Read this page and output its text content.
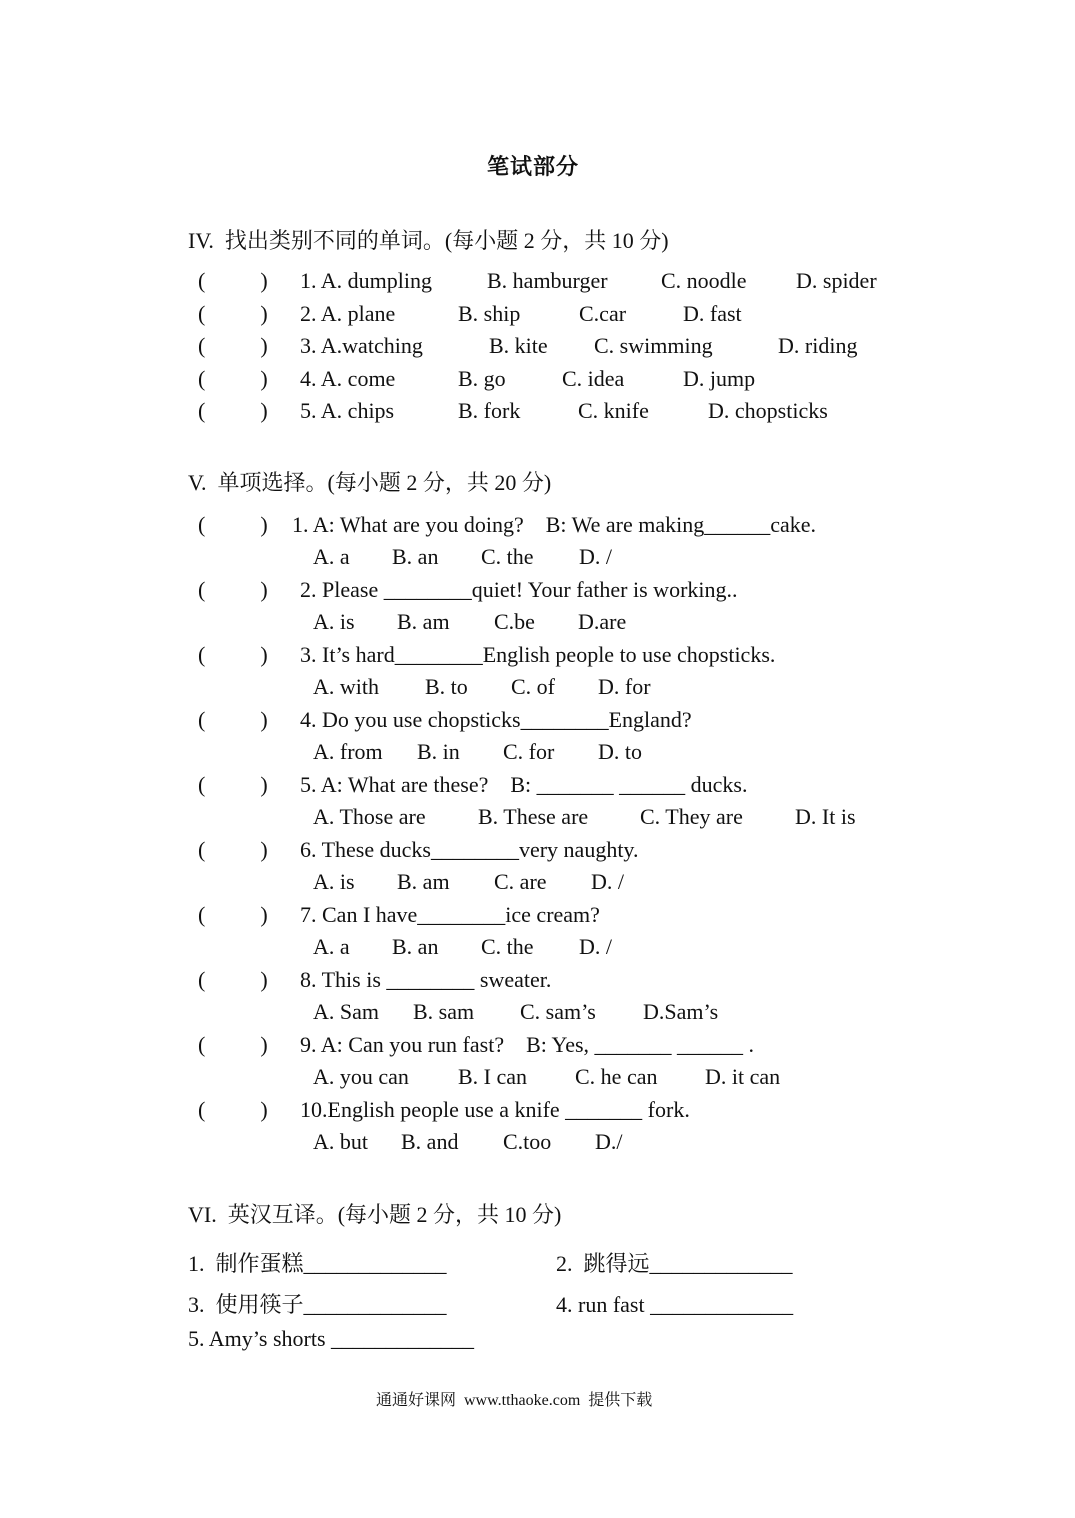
笔试部分
IV.  找出类别不同的单词。(每小题 2 分，共 10 分)
(          ) 1. A. dumpling B. hamburger C. noodle D. spider
(          ) 2. A. plane	B. ship	C.car	D. fast
(          ) 3. A.watching	B. kite C. swimming	D. riding
(          ) 4. A. come	B. go	C. idea	D. jump
(          ) 5. A. chips	B. fork	C. knife	D. chopsticks
V.  单项选择。(每小题 2 分，共 20 分)
(          ) 1. A: What are you doing?    B: We are making______cake.
A. a B. an C. the D. /
(          ) 2. Please ________quiet! Your father is working..
A. is B. am C.be D.are
(          ) 3. It’s hard________English people to use chopsticks.
A. with B. to C. of D. for
(          ) 4. Do you use chopsticks________England?
A. from B. in C. for D. to
(          ) 5. A: What are these?    B: _______ ______ ducks.
A. Those are B. These are C. They are D. It is
(          ) 6. These ducks________very naughty.
A. is B. am C. are D. /
(          ) 7. Can I have________ice cream?
A. a B. an C. the D. /
(          ) 8. This is ________ sweater.
A. Sam B. sam C. sam’s D.Sam’s
(          ) 9. A: Can you run fast?    B: Yes, _______ ______ .
A. you can B. I can C. he can D. it can
(          ) 10.English people use a knife _______ fork.
A. but B. and C.too D./
VI.  英汉互译。(每小题 2 分，共 10 分)
1.  制作蛋糕_____________	2.  跳得远_____________
3.  使用筷子_____________	4. run fast _____________
5. Amy’s shorts _____________
通通好课网  www.tthaoke.com  提供下载
